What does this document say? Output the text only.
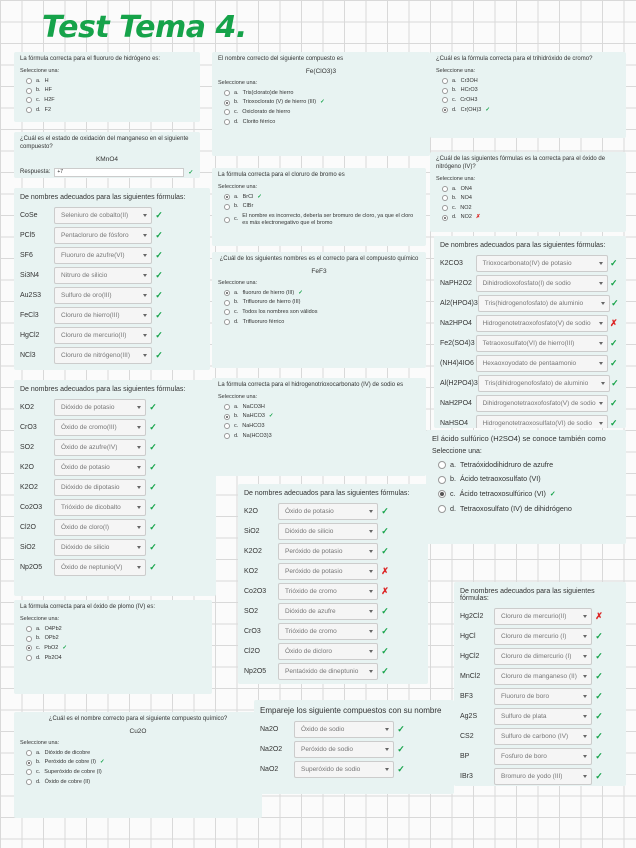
Test Tema 4.
La fórmula correcta para el fluoruro de hidrógeno es:
Seleccione una:
a. H
b. HF
c. H2F
d. F2
¿Cuál es el estado de oxidación del manganeso en el siguiente compuesto?
KMnO4
Respuesta:	+7	✓
De nombres adecuados para las siguientes fórmulas:
CoSe	Seleniuro de cobalto(II)	✓
PCl5	Pentacloruro de fósforo	✓
SF6	Fluoruro de azufre(VI)	✓
Si3N4	Nitruro de silicio	✓
Au2S3	Sulfuro de oro(III)	✓
FeCl3	Cloruro de hierro(III)	✓
HgCl2	Cloruro de mercurio(II)	✓
NCl3	Cloruro de nitrógeno(III)	✓
De nombres adecuados para las siguientes fórmulas:
KO2	Dióxido de potasio	✓
CrO3	Óxido de cromo(III)	✓
SO2	Óxido de azufre(IV)	✓
K2O	Óxido de potasio	✓
K2O2	Dióxido de dipotasio	✓
Co2O3	Trióxido de dicobalto	✓
Cl2O	Óxido de cloro(I)	✓
SiO2	Dióxido de silicio	✓
Np2O5	Óxido de neptunio(V)	✓
La fórmula correcta para el óxido de plomo (IV) es:
Seleccione una:
a. O4Pb2
b. OPb2
c. PbO2 ✓
d. Pb2O4
¿Cuál es el nombre correcto para el siguiente compuesto químico?
Cu2O
Seleccione una:
a. Dióxido de dicobre
b. Peróxido de cobre (I) ✓
c. Superóxido de cobre (I)
d. Óxido de cobre (II)
El nombre correcto del siguiente compuesto es
Fe(ClO3)3
Seleccione una:
a. Tris(clorato)de hierro
b. Trioxoclorato (V) de hierro (III) ✓
c. Oxiclorato de hierro
d. Clorito férrico
La fórmula correcta para el cloruro de bromo es
Seleccione una:
a. BrCl ✓
b. ClBr
c.
El nombre es incorrecto, debería ser bromuro de cloro, ya que el cloro es más electronegativo que el bromo
¿Cuál de los siguientes nombres es el correcto para el compuesto químico
FeF3
Seleccione una:
a. fluoruro de hierro (III) ✓
b. Trifluoruro de hierro (III)
c. Todos los nombres son válidos
d. Trifluoruro férrico
La fórmula correcta para el hidrogenotrioxocarbonato (IV) de sodio es
Seleccione una:
a. NaCO3H
b. NaHCO3 ✓
c. NaHCO3
d. Na(HCO3)3
De nombres adecuados para las siguientes fórmulas:
K2O	Óxido de potasio	✓
SiO2	Dióxido de silicio	✓
K2O2	Peróxido de potasio	✓
KO2	Peróxido de potasio	✗
Co2O3	Trióxido de cromo	✗
SO2	Dióxido de azufre	✓
CrO3	Trióxido de cromo	✓
Cl2O	Óxido de dicloro	✓
Np2O5	Pentaóxido de dineptunio	✓
Empareje los siguiente compuestos con su nombre
Na2O	Óxido de sodio	✓
Na2O2	Peróxido de sodio	✓
NaO2	Superóxido de sodio	✓
¿Cuál es la fórmula correcta para el trihidróxido de cromo?
Seleccione una:
a. Cr3OH
b. HCrO3
c. CrOH3
d. Cr(OH)3 ✓
¿Cuál de las siguientes fórmulas es la correcta para el óxido de nitrógeno (IV)?
Seleccione una:
a. ON4
b. NO4
c. NO2
d. NO2 ✗
De nombres adecuados para las siguientes fórmulas:
K2CO3	Trioxocarbonato(IV) de potasio	✓
NaPH2O2	Dihidrodioxofosfato(I) de sodio	✓
Al2(HPO4)3	Tris(hidrogenofosfato) de aluminio	✓
Na2HPO4	Hidrogenotetraoxofosfato(V) de sodio	✗
Fe2(SO4)3	Tetraoxosulfato(VI) de hierro(III)	✓
(NH4)4IO6	Hexaoxoyodato de pentaamonio	✓
Al(H2PO4)3	Tris(dihidrogenofosfato) de aluminio	✓
NaH2PO4	Dihidrogenotetraoxofosfato(V) de sodio	✓
NaHSO4	Hidrogenotetraoxosulfato(VI) de sodio	✓
El ácido sulfúrico (H2SO4) se conoce también como
Seleccione una:
a. Tetraóxidodihidruro de azufre
b. Ácido tetraoxosulfato (VI)
c. Ácido tetraoxosulfúrico (VI) ✓
d. Tetraoxosulfato (IV) de dihidrógeno
De nombres adecuados para las siguientes fórmulas:
Hg2Cl2	Cloruro de mercurio(II)	✗
HgCl	Cloruro de mercurio (I)	✓
HgCl2	Cloruro de dimercurio (I)	✓
MnCl2	Cloruro de manganeso (II)	✓
BF3	Fluoruro de boro	✓
Ag2S	Sulfuro de plata	✓
CS2	Sulfuro de carbono (IV)	✓
BP	Fosfuro de boro	✓
IBr3	Bromuro de yodo (III)	✓
